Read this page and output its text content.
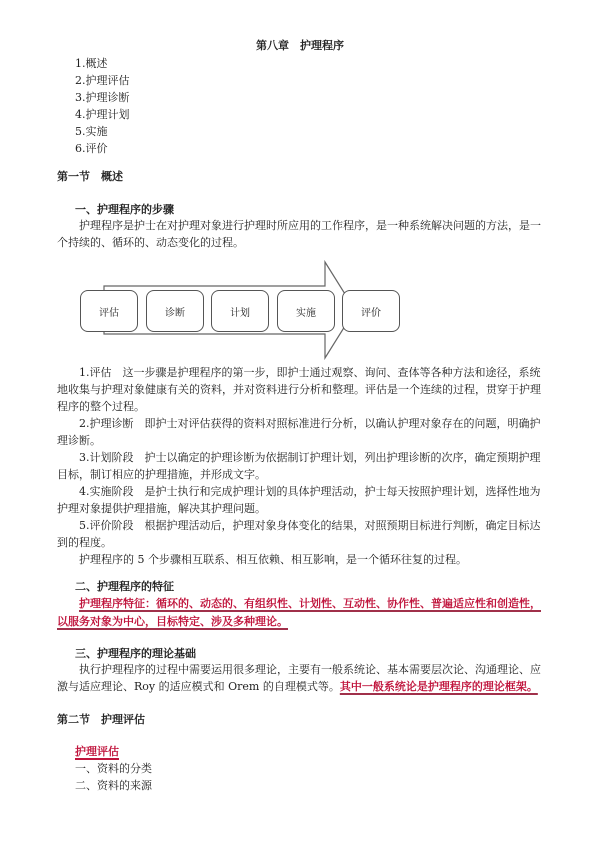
第八章　护理程序
1.概述
2.护理评估
3.护理诊断
4.护理计划
5.实施
6.评价
第一节　概述
一、护理程序的步骤
护理程序是护士在对护理对象进行护理时所应用的工作程序，是一种系统解决问题的方法，是一个持续的、循环的、动态变化的过程。
评估	诊断	计划	实施	评价
1.评估　这一步骤是护理程序的第一步，即护士通过观察、询问、查体等各种方法和途径，系统地收集与护理对象健康有关的资料，并对资料进行分析和整理。评估是一个连续的过程，贯穿于护理程序的整个过程。
2.护理诊断　即护士对评估获得的资料对照标准进行分析，以确认护理对象存在的问题，明确护理诊断。
3.计划阶段　护士以确定的护理诊断为依据制订护理计划，列出护理诊断的次序，确定预期护理目标，制订相应的护理措施，并形成文字。
4.实施阶段　是护士执行和完成护理计划的具体护理活动，护士每天按照护理计划，选择性地为护理对象提供护理措施，解决其护理问题。
5.评价阶段　根据护理活动后，护理对象身体变化的结果，对照预期目标进行判断，确定目标达到的程度。
护理程序的 5 个步骤相互联系、相互依赖、相互影响，是一个循环往复的过程。
二、护理程序的特征
护理程序特征：循环的、动态的、有组织性、计划性、互动性、协作性、普遍适应性和创造性，以服务对象为中心，目标特定、涉及多种理论。
三、护理程序的理论基础
执行护理程序的过程中需要运用很多理论，主要有一般系统论、基本需要层次论、沟通理论、应激与适应理论、Roy 的适应模式和 Orem 的自理模式等。其中一般系统论是护理程序的理论框架。
第二节　护理评估
护理评估
一、资料的分类
二、资料的来源
